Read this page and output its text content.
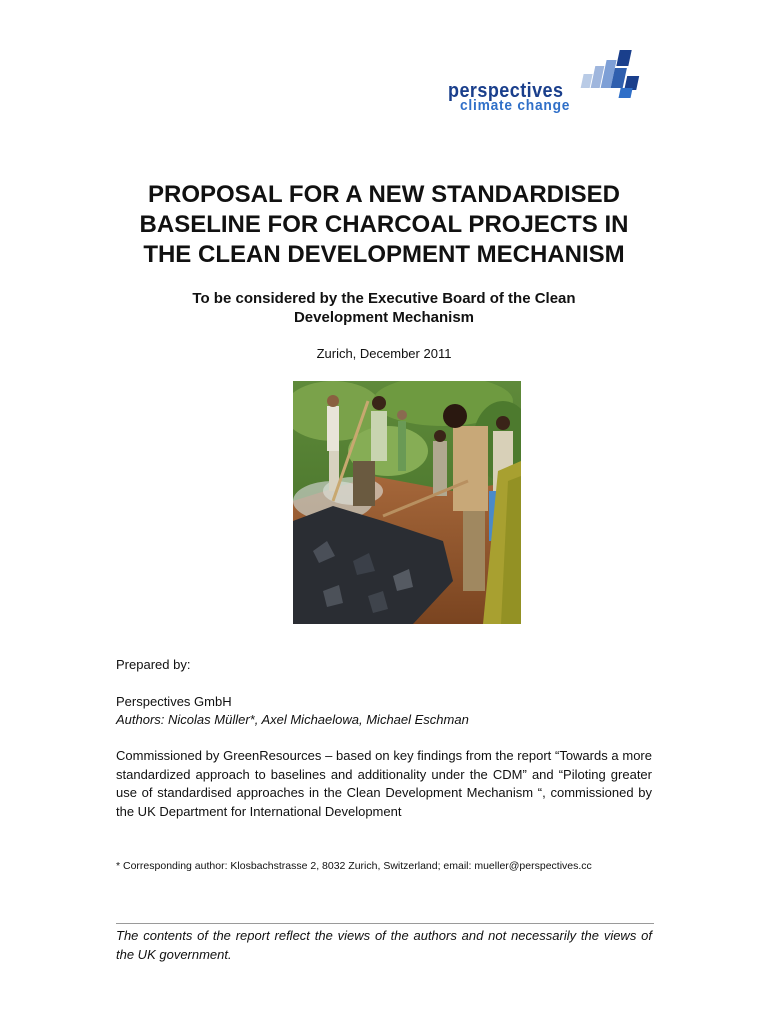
perspectives
climate change
PROPOSAL FOR A NEW STANDARDISED
BASELINE FOR CHARCOAL PROJECTS IN
THE CLEAN DEVELOPMENT MECHANISM
To be considered by the Executive Board of the Clean
Development Mechanism
Zurich, December 2011
Prepared by:
Perspectives GmbH
Authors: Nicolas Müller*, Axel Michaelowa, Michael Eschman

Commissioned by GreenResources – based on key findings from the report “Towards a more standardized approach to baselines and additionality under the CDM” and “Piloting greater use of standardised approaches in the Clean Development Mechanism “, commissioned by the UK Department for International Development

* Corresponding author: Klosbachstrasse 2, 8032 Zurich, Switzerland; email: mueller@perspectives.cc

The contents of the report reflect the views of the authors and not necessarily the views of the UK government.
